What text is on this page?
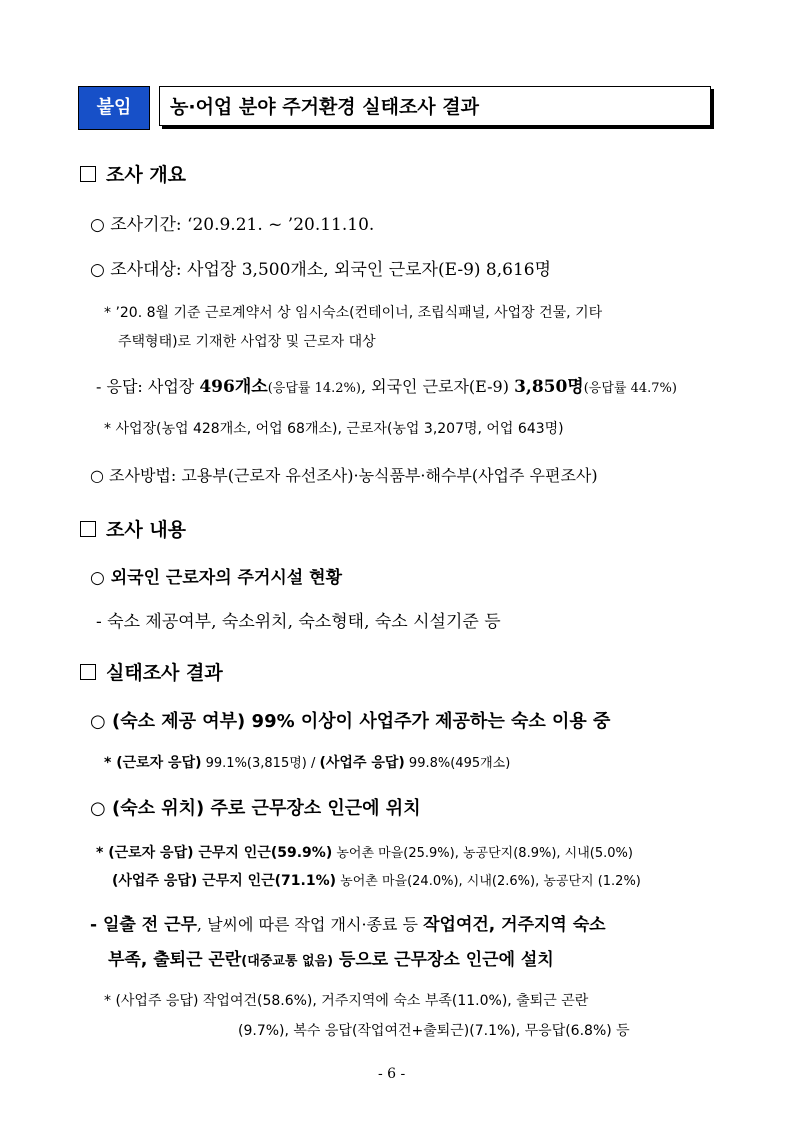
붙임	농·어업 분야 주거환경 실태조사 결과
조사 개요
○ 조사기간: ‘20.9.21. ~ ’20.11.10.
○ 조사대상: 사업장 3,500개소, 외국인 근로자(E-9) 8,616명
* ’20. 8월 기준 근로계약서 상 임시숙소(컨테이너, 조립식패널, 사업장 건물, 기타
주택형태)로 기재한 사업장 및 근로자 대상
- 응답: 사업장 496개소(응답률 14.2%), 외국인 근로자(E-9) 3,850명(응답률 44.7%)
* 사업장(농업 428개소, 어업 68개소), 근로자(농업 3,207명, 어업 643명)
○ 조사방법: 고용부(근로자 유선조사)·농식품부·해수부(사업주 우편조사)
조사 내용
○ 외국인 근로자의 주거시설 현황
- 숙소 제공여부, 숙소위치, 숙소형태, 숙소 시설기준 등
실태조사 결과
○ (숙소 제공 여부) 99% 이상이 사업주가 제공하는 숙소 이용 중
* (근로자 응답) 99.1%(3,815명) / (사업주 응답) 99.8%(495개소)
○ (숙소 위치) 주로 근무장소 인근에 위치
* (근로자 응답) 근무지 인근(59.9%) 농어촌 마을(25.9%), 농공단지(8.9%), 시내(5.0%)
(사업주 응답) 근무지 인근(71.1%) 농어촌 마을(24.0%), 시내(2.6%), 농공단지 (1.2%)
- 일출 전 근무, 날씨에 따른 작업 개시·종료 등 작업여건, 거주지역 숙소
부족, 출퇴근 곤란(대중교통 없음) 등으로 근무장소 인근에 설치
* (사업주 응답) 작업여건(58.6%), 거주지역에 숙소 부족(11.0%), 출퇴근 곤란
(9.7%), 복수 응답(작업여건+출퇴근)(7.1%), 무응답(6.8%) 등
- 6 -
